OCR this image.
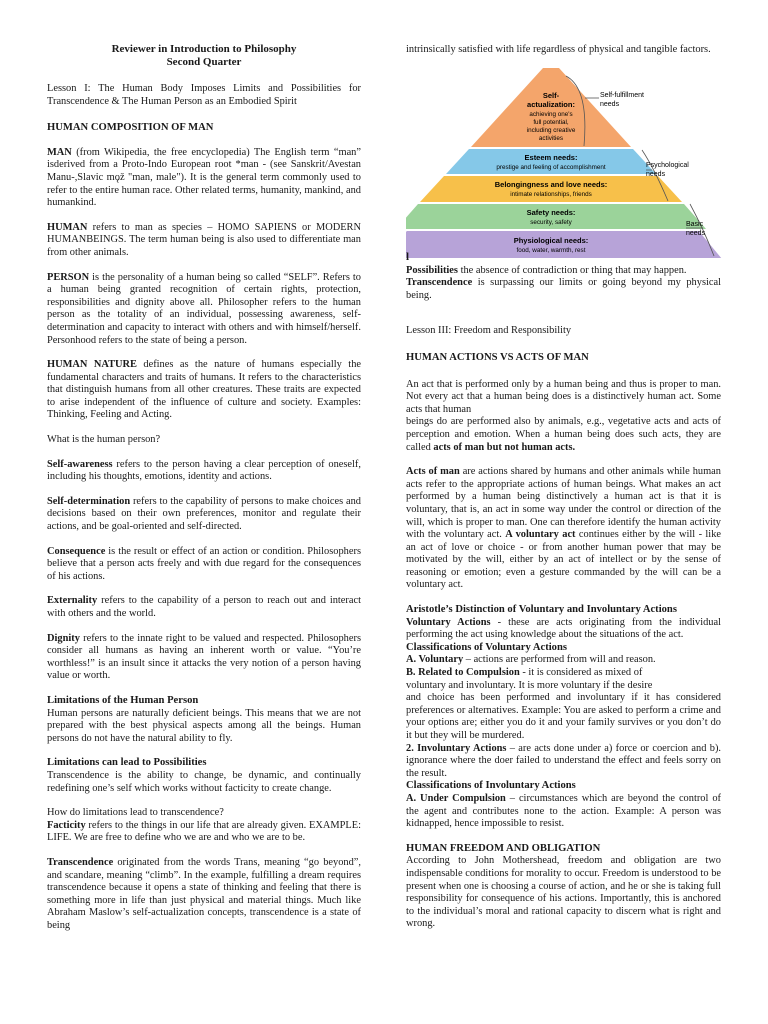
Reviewer in Introduction to Philosophy

Second Quarter

Lesson I: The Human Body Imposes Limits and Possibilities for Transcendence & The Human Person as an Embodied Spirit

HUMAN COMPOSITION OF MAN

MAN (from Wikipedia, the free encyclopedia) The English term “man” isderived from a Proto-Indo European root *man - (see Sanskrit/Avestan Manu-,Slavic mǫž "man, male"). It is the general term commonly used to refer to the entire human race. Other related terms, humanity, mankind, and humankind.

HUMAN refers to man as species – HOMO SAPIENS or MODERN HUMANBEINGS. The term human being is also used to differentiate man from other animals.

PERSON is the personality of a human being so called “SELF”. Refers to a human being granted recognition of certain rights, protection, responsibilities and dignity above all. Philosopher refers to the human person as the totality of an individual, possessing awareness, self-determination and capacity to interact with others and with himself/herself. Personhood refers to the state of being a person.

HUMAN NATURE defines as the nature of humans especially the fundamental characters and traits of humans. It refers to the characteristics that distinguish humans from all other creatures. These traits are expected to arise independent of the influence of culture and society. Examples: Thinking, Feeling and Acting.

What is the human person?

Self-awareness refers to the person having a clear perception of oneself, including his thoughts, emotions, identity and actions.

Self-determination refers to the capability of persons to make choices and decisions based on their own preferences, monitor and regulate their actions, and be goal-oriented and self-directed.

Consequence is the result or effect of an action or condition. Philosophers believe that a person acts freely and with due regard for the consequences of his actions.

Externality refers to the capability of a person to reach out and interact with others and the world.

Dignity refers to the innate right to be valued and respected. Philosophers consider all humans as having an inherent worth or value. “You’re worthless!” is an insult since it attacks the very notion of a person having value or worth.

Limitations of the Human Person

Human persons are naturally deficient beings. This means that we are not prepared with the best physical aspects among all the beings. Human persons do not have the natural ability to fly.

Limitations can lead to Possibilities

Transcendence is the ability to change, be dynamic, and continually redefining one’s self which works without facticity to create change.

How do limitations lead to transcendence?

Facticity refers to the things in our life that are already given. EXAMPLE: LIFE. We are free to define who we are and who we are to be.

Transcendence originated from the words Trans, meaning “go beyond”, and scandare, meaning “climb”. In the example, fulfilling a dream requires transcendence because it opens a state of thinking and feeling that there is something more in life than just physical and material things. Much like Abraham Maslow’s self-actualization concepts, transcendence is a state of being

intrinsically satisfied with life regardless of physical and tangible factors.

l
Self-
actualization:
achieving one's
full potential,
including creative
activities
Esteem needs:
prestige and feeling of accomplishment
Belongingness and love needs:
intimate relationships, friends
Safety needs:
security, safety
Physiological needs:
food, water, warmth, rest
Self-fulfillment
needs
Psychological
needs
Basic
needs

Possibilities the absence of contradiction or thing that may happen.

Transcendence is surpassing our limits or going beyond my physical being.

Lesson III: Freedom and Responsibility

HUMAN ACTIONS VS ACTS OF MAN

An act that is performed only by a human being and thus is proper to man. Not every act that a human being does is a distinctively human act. Some acts that human

beings do are performed also by animals, e.g., vegetative acts and acts of perception and emotion. When a human being does such acts, they are called acts of man but not human acts.

Acts of man are actions shared by humans and other animals while human acts refer to the appropriate actions of human beings. What makes an act performed by a human being distinctively a human act is that it is voluntary, that is, an act in some way under the control or direction of the will, which is proper to man. One can therefore identify the human activity with the voluntary act. A voluntary act continues either by the will - like an act of love or choice - or from another human power that may be motivated by the will, either by an act of intellect or by the sense of reasoning or emotion; even a gesture commanded by the will can be a voluntary act.

Aristotle’s Distinction of Voluntary and Involuntary Actions

Voluntary Actions - these are acts originating from the individual performing the act using knowledge about the situations of the act.

Classifications of Voluntary Actions

A. Voluntary – actions are performed from will and reason.

B. Related to Compulsion - it is considered as mixed of

voluntary and involuntary. It is more voluntary if the desire

and choice has been performed and involuntary if it has considered preferences or alternatives. Example: You are asked to perform a crime and your options are; either you do it and your family survives or you don’t do it but they will be murdered.

2. Involuntary Actions – are acts done under a) force or coercion and b). ignorance where the doer failed to understand the effect and feels sorry on the result.

Classifications of Involuntary Actions

A. Under Compulsion – circumstances which are beyond the control of the agent and contributes none to the action. Example: A person was kidnapped, hence impossible to resist.

HUMAN FREEDOM AND OBLIGATION

According to John Mothershead, freedom and obligation are two indispensable conditions for morality to occur. Freedom is understood to be present when one is choosing a course of action, and he or she is taking full responsibility for consequence of his actions. Importantly, this is anchored to the individual’s moral and rational capacity to discern what is right and wrong.
